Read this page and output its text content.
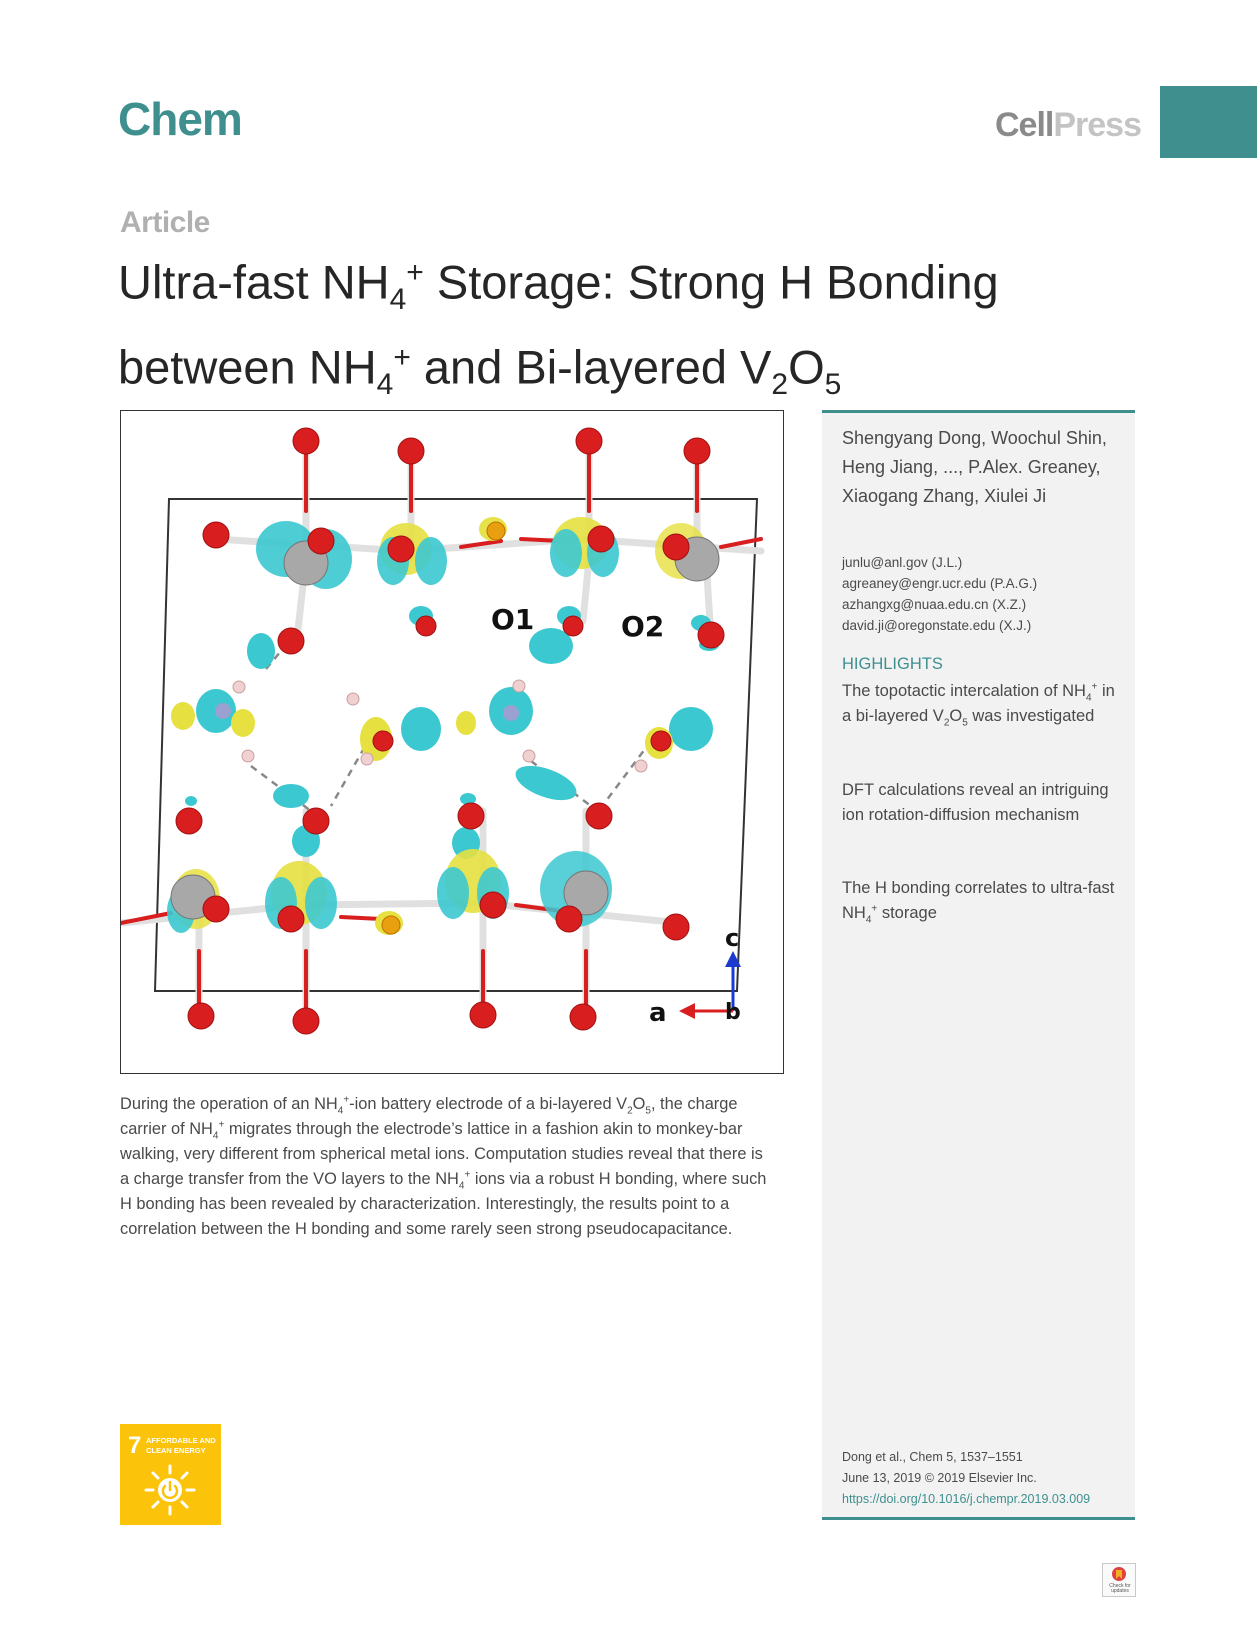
Chem	CellPress
Article
Ultra-fast $NH_4^+$ Storage: Strong H Bonding
between $NH_4^+$ and Bi-layered $V_2O_5$
O1	O2
c
a	b
During the operation of an $NH_4^+$-ion battery electrode of a bi-layered $V_2O_5$, the charge carrier of $NH_4^+$ migrates through the electrode’s lattice in a fashion akin to monkey-bar walking, very different from spherical metal ions. Computation studies reveal that there is a charge transfer from the VO layers to the $NH_4^+$ ions via a robust H bonding, where such H bonding has been revealed by characterization. Interestingly, the results point to a correlation between the H bonding and some rarely seen strong pseudocapacitance.
Shengyang Dong, Woochul Shin, Heng Jiang, ..., P.Alex. Greaney, Xiaogang Zhang, Xiulei Ji
junlu@anl.gov (J.L.)
agreaney@engr.ucr.edu (P.A.G.)
azhangxg@nuaa.edu.cn (X.Z.)
david.ji@oregonstate.edu (X.J.)
HIGHLIGHTS
The topotactic intercalation of $NH_4^+$ in a bi-layered $V_2O_5$ was investigated
DFT calculations reveal an intriguing ion rotation-diffusion mechanism
The H bonding correlates to ultra-fast $NH_4^+$ storage
Dong et al., Chem 5, 1537–1551
June 13, 2019 © 2019 Elsevier Inc.
https://doi.org/10.1016/j.chempr.2019.03.009
7 AFFORDABLE AND CLEAN ENERGY
Check for updates
